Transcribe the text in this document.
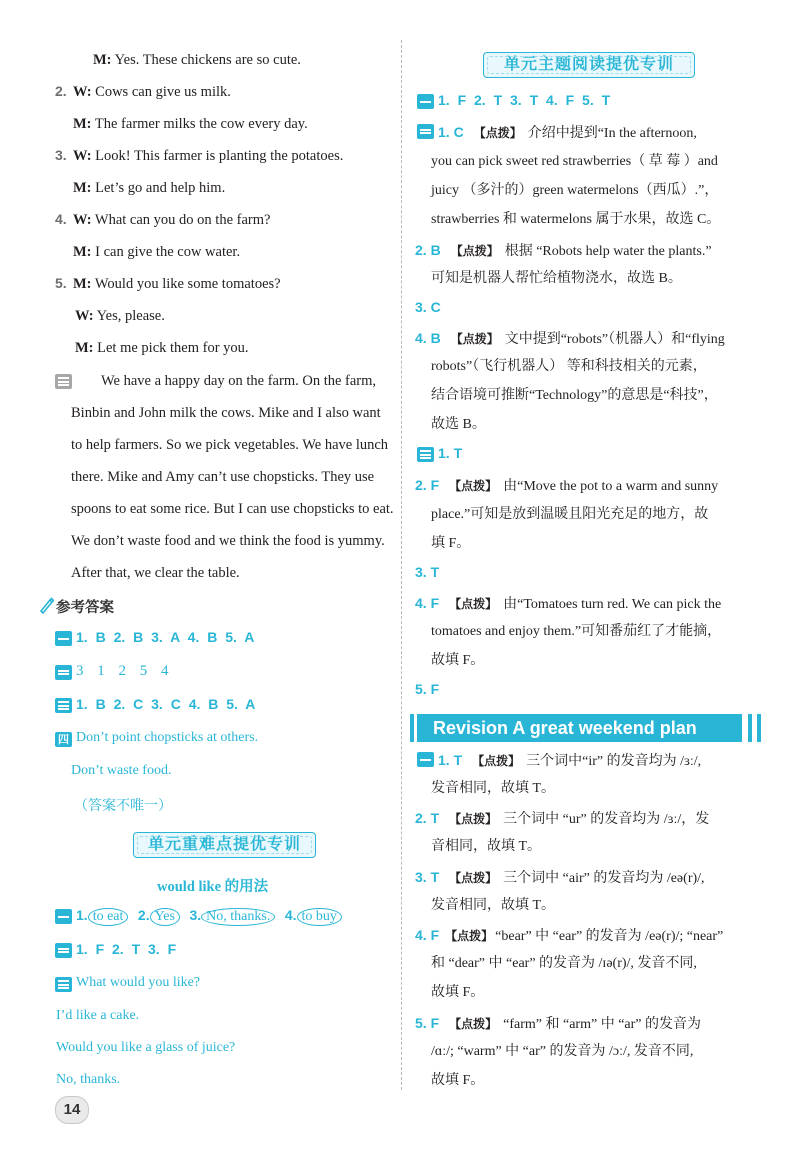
M: Yes. These chickens are so cute.
2. W: Cows can give us milk.
M: The farmer milks the cow every day.
3. W: Look! This farmer is planting the potatoes.
M: Let’s go and help him.
4. W: What can you do on the farm?
M: I can give the cow water.
5. M: Would you like some tomatoes?
W: Yes, please.
M: Let me pick them for you.
We have a happy day on the farm. On the farm,
Binbin and John milk the cows. Mike and I also want
to help farmers. So we pick vegetables. We have lunch
there. Mike and Amy can’t use chopsticks. They use
spoons to eat some rice. But I can use chopsticks to eat.
We don’t waste food and we think the food is yummy.
After that, we clear the table.
参考答案
1. B 2. B 3. A 4. B 5. A
3 1 2 5 4
1. B 2. C 3. C 4. B 5. A
四 Don’t point chopsticks at others.
Don’t waste food.
（答案不唯一）
单元重难点提优专训
would like 的用法
1. to eat 2. Yes 3. No, thanks. 4. to buy
1. F 2. T 3. F
What would you like?
I’d like a cake.
Would you like a glass of juice?
No, thanks.
14
单元主题阅读提优专训
1. F 2. T 3. T 4. F 5. T
1. C 【点拨】 介绍中提到“In the afternoon,
you can pick sweet red strawberries（ 草 莓 ）and
juicy （多汁的）green watermelons（西瓜）.”，
strawberries 和 watermelons 属于水果，故选 C。
2. B 【点拨】 根据 “Robots help water the plants.”
可知是机器人帮忙给植物浇水，故选 B。
3. C
4. B 【点拨】 文中提到“robots”（机器人）和“flying
robots”（飞行机器人） 等和科技相关的元素，
结合语境可推断“Technology”的意思是“科技”，
故选 B。
1. T
2. F 【点拨】 由“Move the pot to a warm and sunny
place.”可知是放到温暖且阳光充足的地方，故
填 F。
3. T
4. F 【点拨】 由“Tomatoes turn red. We can pick the
tomatoes and enjoy them.”可知番茄红了才能摘，
故填 F。
5. F
Revision A great weekend plan
1. T 【点拨】 三个词中“ir” 的发音均为 /ɜː/,
发音相同，故填 T。
2. T 【点拨】 三个词中 “ur” 的发音均为 /ɜː/，发
音相同，故填 T。
3. T 【点拨】 三个词中 “air” 的发音均为 /eə(r)/,
发音相同，故填 T。
4. F 【点拨】 “bear” 中 “ear” 的发音为 /eə(r)/; “near”
和 “dear” 中 “ear” 的发音为 /ɪə(r)/, 发音不同,
故填 F。
5. F 【点拨】 “farm” 和 “arm” 中 “ar” 的发音为
/ɑː/; “warm” 中 “ar” 的发音为 /ɔː/, 发音不同,
故填 F。
